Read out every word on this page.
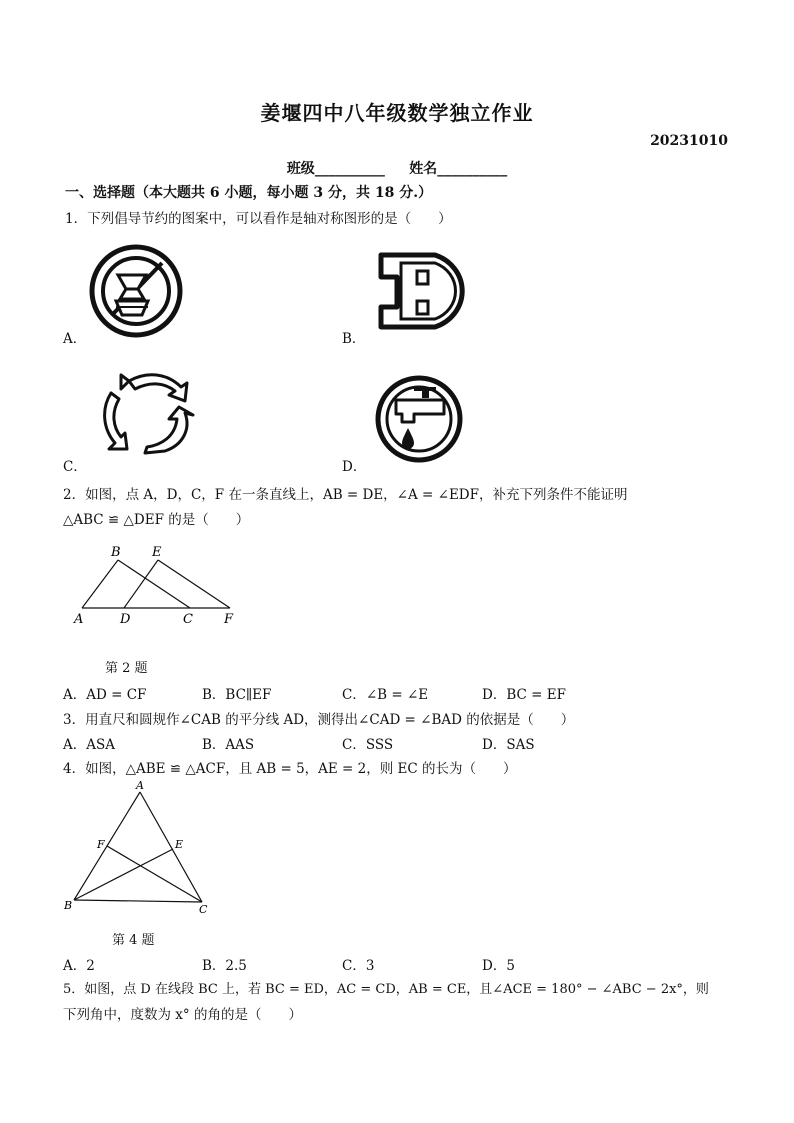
姜堰四中八年级数学独立作业
20231010
班级__________ 姓名__________
一、选择题（本大题共 6 小题，每小题 3 分，共 18 分.）
1．下列倡导节约的图案中，可以看作是轴对称图形的是（　　）
A．	B．
C．	D．
2．如图，点 A，D，C，F 在一条直线上，AB = DE，∠A = ∠EDF，补充下列条件不能证明
△ABC ≌ △DEF 的是（　　）
B E
A	D	C F
第 2 题
A．AD = CF	B．BC∥EF	C．∠B = ∠E	D．BC = EF
3．用直尺和圆规作∠CAB 的平分线 AD，测得出∠CAD = ∠BAD 的依据是（　　）
A．ASA	B．AAS	C．SSS	D．SAS
4．如图，△ABE ≌ △ACF，且 AB = 5，AE = 2，则 EC 的长为（　　）
A
F	E
B	C
第 4 题
A．2	B．2.5	C．3	D．5
5．如图，点 D 在线段 BC 上，若 BC = ED，AC = CD，AB = CE，且∠ACE = 180° − ∠ABC − 2x°，则
下列角中，度数为 x° 的角的是（　　）
